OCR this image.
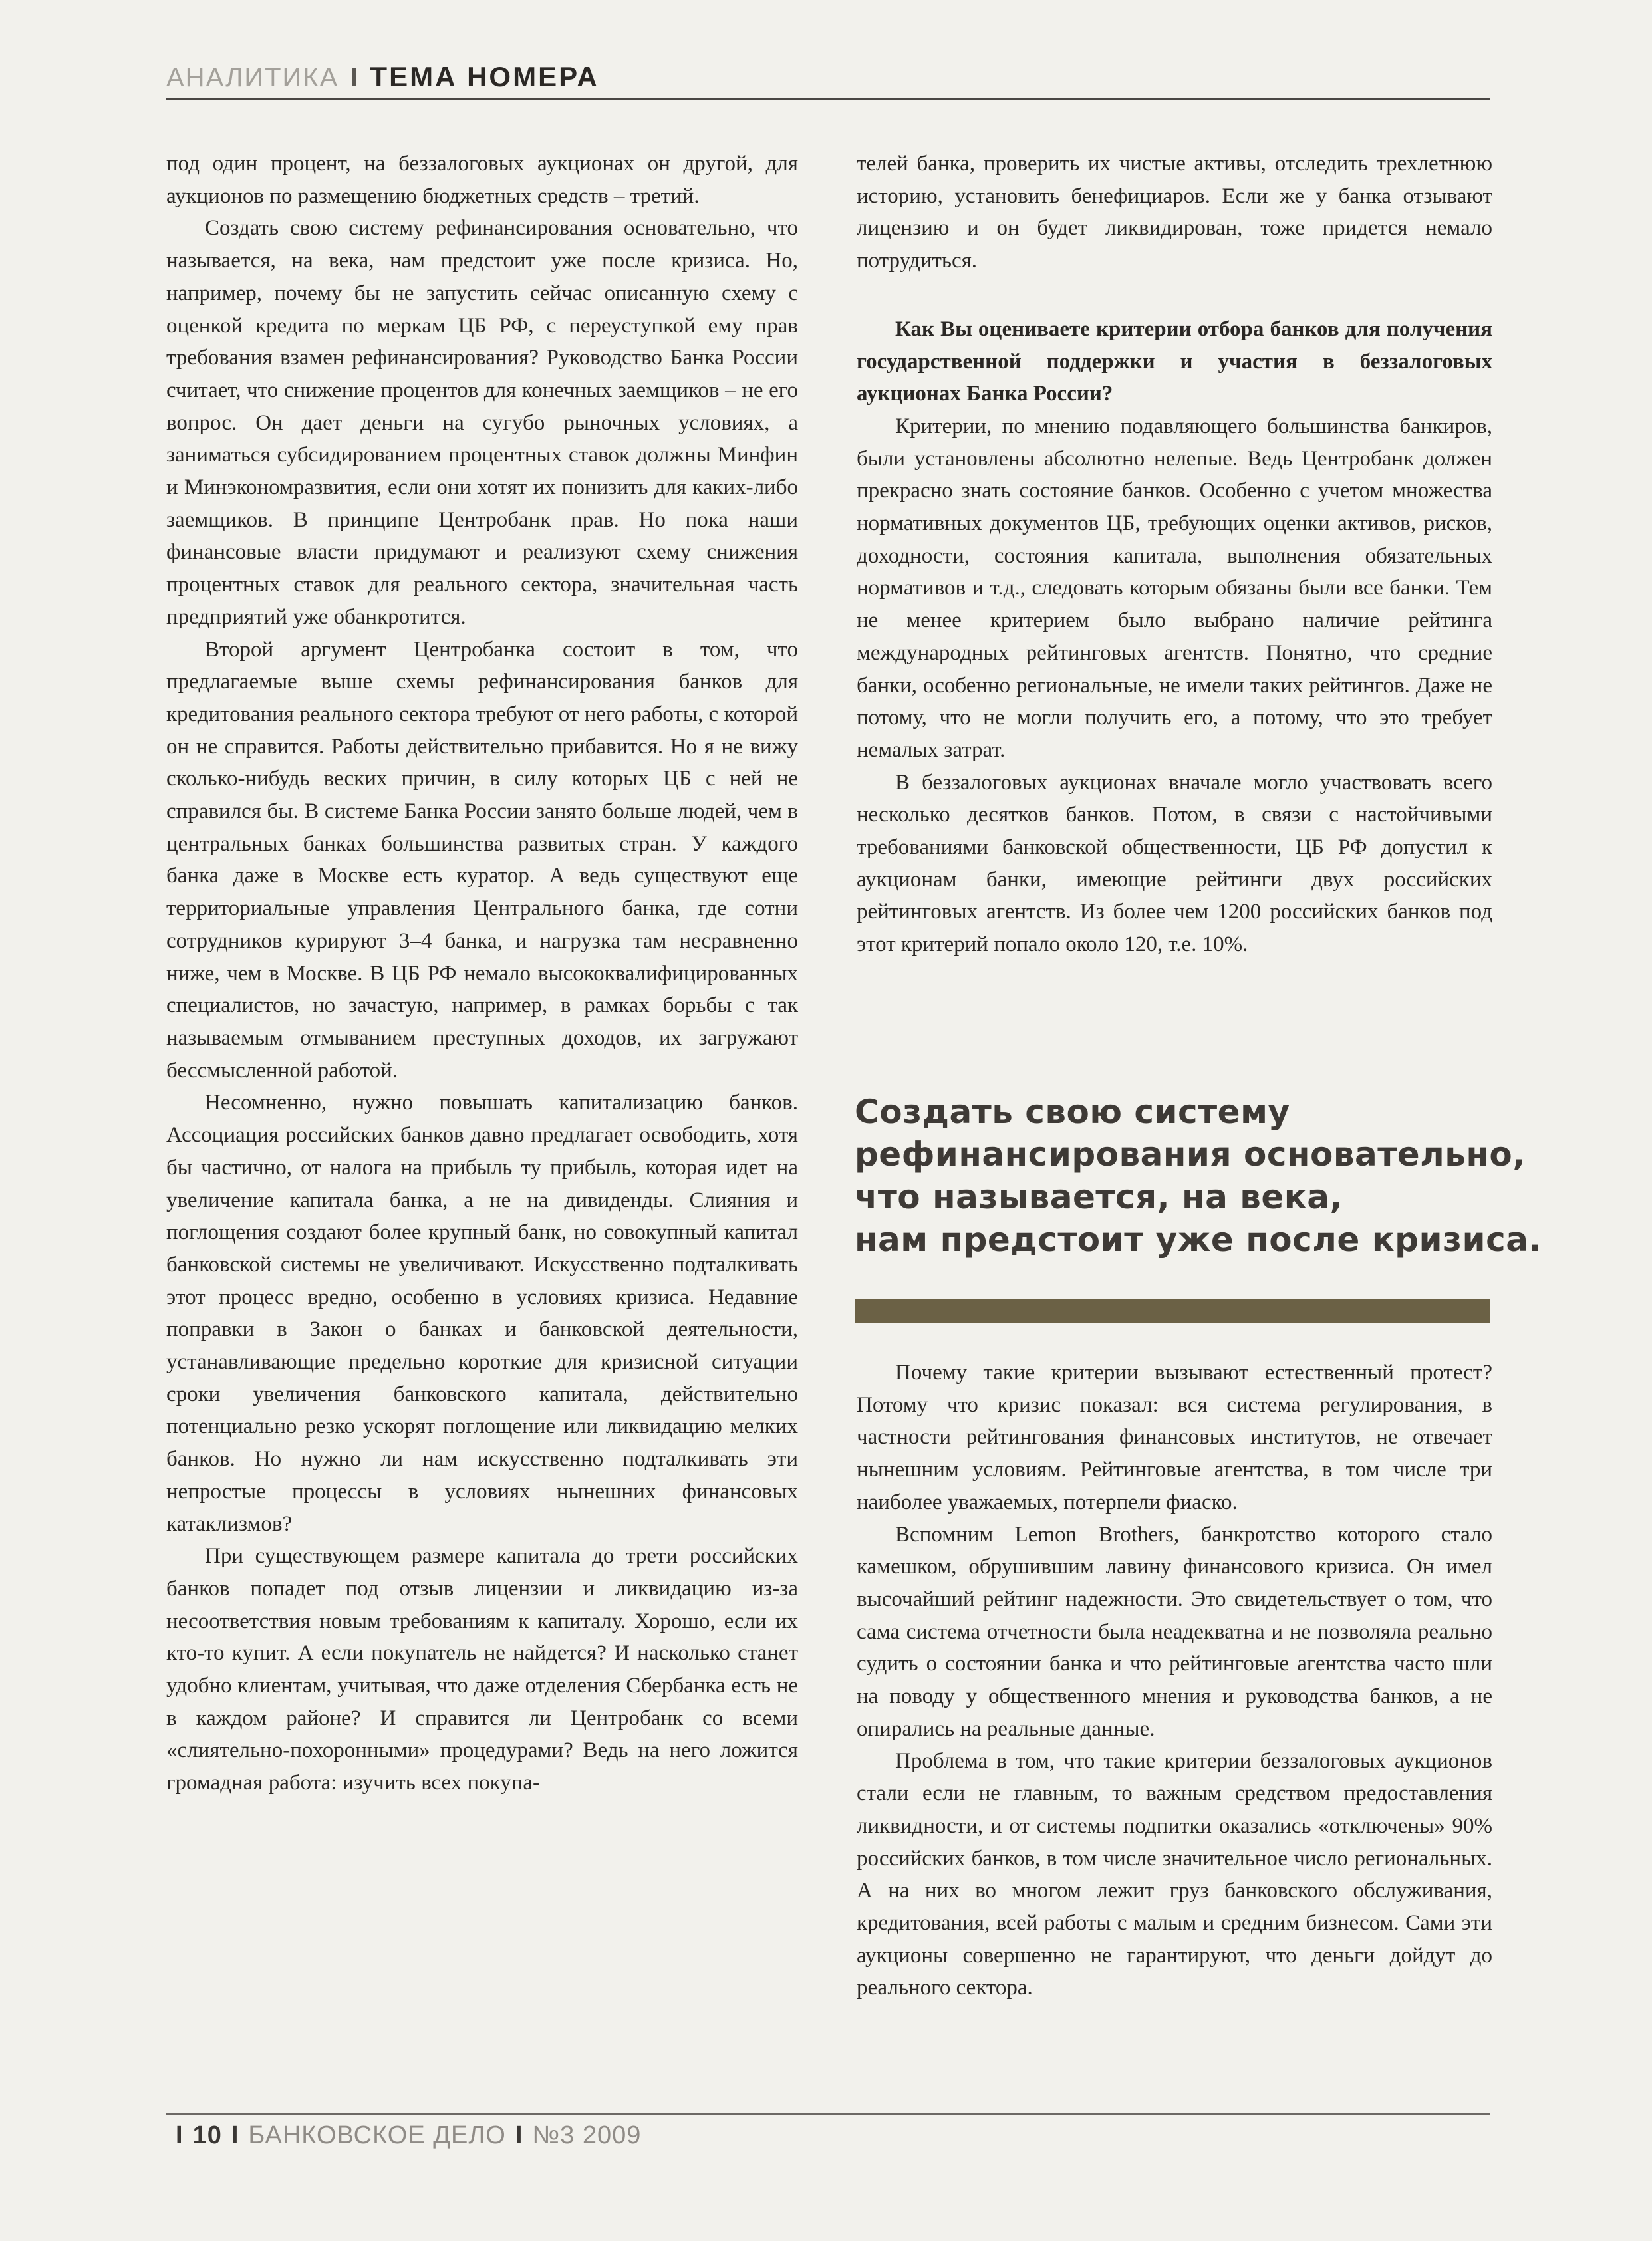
АНАЛИТИКА I ТЕМА НОМЕРА

под один процент, на беззалоговых аукционах он другой, для аукционов по размещению бюджетных средств – третий.

Создать свою систему рефинансирования основательно, что называется, на века, нам предстоит уже после кризиса. Но, например, почему бы не запустить сейчас описанную схему с оценкой кредита по меркам ЦБ РФ, с переуступкой ему прав требования взамен рефинансирования? Руководство Банка России считает, что снижение процентов для конечных заемщиков – не его вопрос. Он дает деньги на сугубо рыночных условиях, а заниматься субсидированием процентных ставок должны Минфин и Минэкономразвития, если они хотят их понизить для каких-либо заемщиков. В принципе Центробанк прав. Но пока наши финансовые власти придумают и реализуют схему снижения процентных ставок для реального сектора, значительная часть предприятий уже обанкротится.

Второй аргумент Центробанка состоит в том, что предлагаемые выше схемы рефинансирования банков для кредитования реального сектора требуют от него работы, с которой он не справится. Работы действительно прибавится. Но я не вижу сколько-нибудь веских причин, в силу которых ЦБ с ней не справился бы. В системе Банка России занято больше людей, чем в центральных банках большинства развитых стран. У каждого банка даже в Москве есть куратор. А ведь существуют еще территориальные управления Центрального банка, где сотни сотрудников курируют 3–4 банка, и нагрузка там несравненно ниже, чем в Москве. В ЦБ РФ немало высококвалифицированных специалистов, но зачастую, например, в рамках борьбы с так называемым отмыванием преступных доходов, их загружают бессмысленной работой.

Несомненно, нужно повышать капитализацию банков. Ассоциация российских банков давно предлагает освободить, хотя бы частично, от налога на прибыль ту прибыль, которая идет на увеличение капитала банка, а не на дивиденды. Слияния и поглощения создают более крупный банк, но совокупный капитал банковской системы не увеличивают. Искусственно подталкивать этот процесс вредно, особенно в условиях кризиса. Недавние поправки в Закон о банках и банковской деятельности, устанавливающие предельно короткие для кризисной ситуации сроки увеличения банковского капитала, действительно потенциально резко ускорят поглощение или ликвидацию мелких банков. Но нужно ли нам искусственно подталкивать эти непростые процессы в условиях нынешних финансовых катаклизмов?

При существующем размере капитала до трети российских банков попадет под отзыв лицензии и ликвидацию из-за несоответствия новым требованиям к капиталу. Хорошо, если их кто-то купит. А если покупатель не найдется? И насколько станет удобно клиентам, учитывая, что даже отделения Сбербанка есть не в каждом районе? И справится ли Центробанк со всеми «слиятельно-похоронными» процедурами? Ведь на него ложится громадная работа: изучить всех покупа-

телей банка, проверить их чистые активы, отследить трехлетнюю историю, установить бенефициаров. Если же у банка отзывают лицензию и он будет ликвидирован, тоже придется немало потрудиться.

Как Вы оцениваете критерии отбора банков для получения государственной поддержки и участия в беззалоговых аукционах Банка России?

Критерии, по мнению подавляющего большинства банкиров, были установлены абсолютно нелепые. Ведь Центробанк должен прекрасно знать состояние банков. Особенно с учетом множества нормативных документов ЦБ, требующих оценки активов, рисков, доходности, состояния капитала, выполнения обязательных нормативов и т.д., следовать которым обязаны были все банки. Тем не менее критерием было выбрано наличие рейтинга международных рейтинговых агентств. Понятно, что средние банки, особенно региональные, не имели таких рейтингов. Даже не потому, что не могли получить его, а потому, что это требует немалых затрат.

В беззалоговых аукционах вначале могло участвовать всего несколько десятков банков. Потом, в связи с настойчивыми требованиями банковской общественности, ЦБ РФ допустил к аукционам банки, имеющие рейтинги двух российских рейтинговых агентств. Из более чем 1200 российских банков под этот критерий попало около 120, т.е. 10%.

Создать свою систему
рефинансирования основательно,
что называется, на века,
нам предстоит уже после кризиса.

Почему такие критерии вызывают естественный протест? Потому что кризис показал: вся система регулирования, в частности рейтингования финансовых институтов, не отвечает нынешним условиям. Рейтинговые агентства, в том числе три наиболее уважаемых, потерпели фиаско.

Вспомним Lemon Brothers, банкротство которого стало камешком, обрушившим лавину финансового кризиса. Он имел высочайший рейтинг надежности. Это свидетельствует о том, что сама система отчетности была неадекватна и не позволяла реально судить о состоянии банка и что рейтинговые агентства часто шли на поводу у общественного мнения и руководства банков, а не опирались на реальные данные.

Проблема в том, что такие критерии беззалоговых аукционов стали если не главным, то важным средством предоставления ликвидности, и от системы подпитки оказались «отключены» 90% российских банков, в том числе значительное число региональных. А на них во многом лежит груз банковского обслуживания, кредитования, всей работы с малым и средним бизнесом. Сами эти аукционы совершенно не гарантируют, что деньги дойдут до реального сектора.

I 10 I БАНКОВСКОЕ ДЕЛО I №3 2009
